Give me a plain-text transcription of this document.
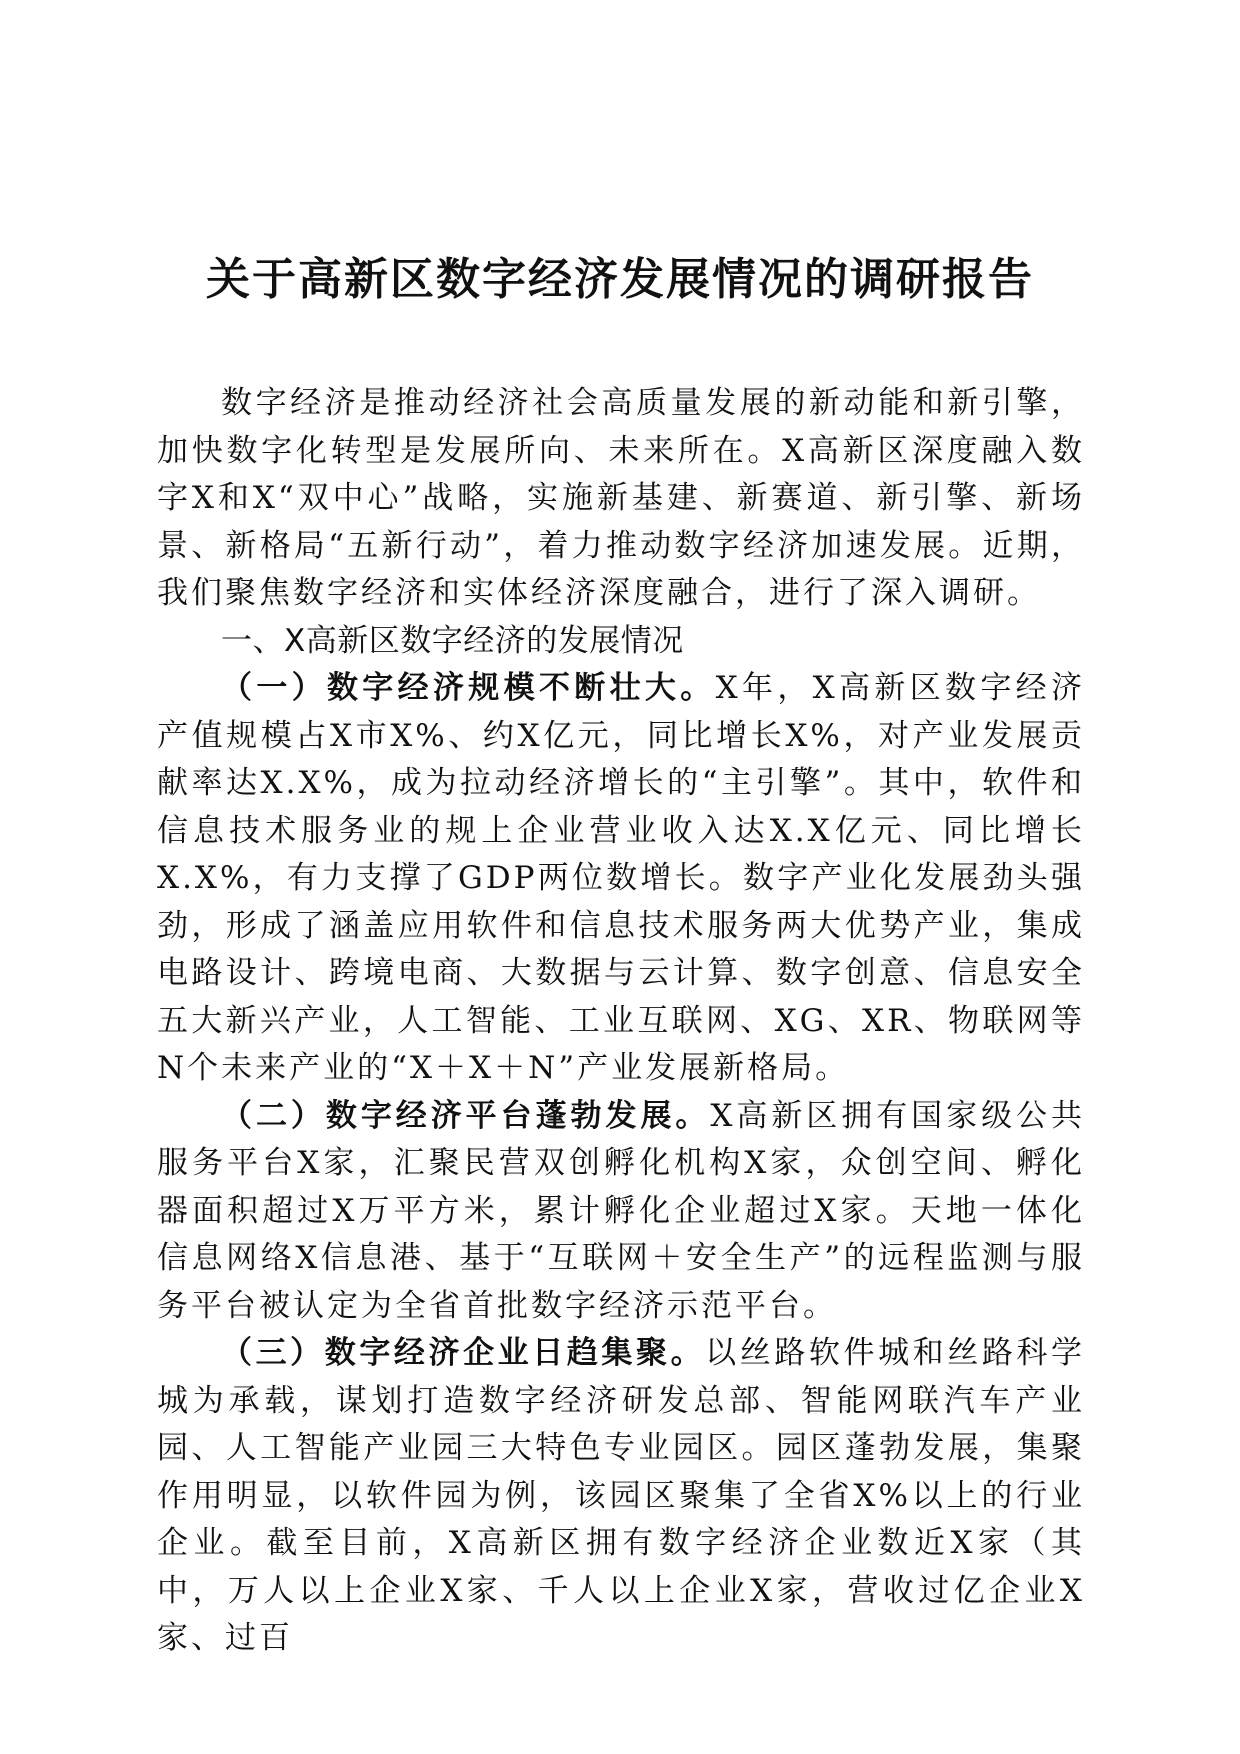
关于高新区数字经济发展情况的调研报告

数字经济是推动经济社会高质量发展的新动能和新引擎，加快数字化转型是发展所向、未来所在。X高新区深度融入数字X和X“双中心”战略，实施新基建、新赛道、新引擎、新场景、新格局“五新行动”，着力推动数字经济加速发展。近期，我们聚焦数字经济和实体经济深度融合，进行了深入调研。

一、X高新区数字经济的发展情况

（一）数字经济规模不断壮大。X年，X高新区数字经济产值规模占X市X%、约X亿元，同比增长X%，对产业发展贡献率达X.X%，成为拉动经济增长的“主引擎”。其中，软件和信息技术服务业的规上企业营业收入达X.X亿元、同比增长X.X%，有力支撑了GDP两位数增长。数字产业化发展劲头强劲，形成了涵盖应用软件和信息技术服务两大优势产业，集成电路设计、跨境电商、大数据与云计算、数字创意、信息安全五大新兴产业，人工智能、工业互联网、XG、XR、物联网等N个未来产业的“X＋X＋N”产业发展新格局。

（二）数字经济平台蓬勃发展。X高新区拥有国家级公共服务平台X家，汇聚民营双创孵化机构X家，众创空间、孵化器面积超过X万平方米，累计孵化企业超过X家。天地一体化信息网络X信息港、基于“互联网＋安全生产”的远程监测与服务平台被认定为全省首批数字经济示范平台。

（三）数字经济企业日趋集聚。以丝路软件城和丝路科学城为承载，谋划打造数字经济研发总部、智能网联汽车产业园、人工智能产业园三大特色专业园区。园区蓬勃发展，集聚作用明显，以软件园为例，该园区聚集了全省X%以上的行业企业。截至目前，X高新区拥有数字经济企业数近X家（其中，万人以上企业X家、千人以上企业X家，营收过亿企业X家、过百
